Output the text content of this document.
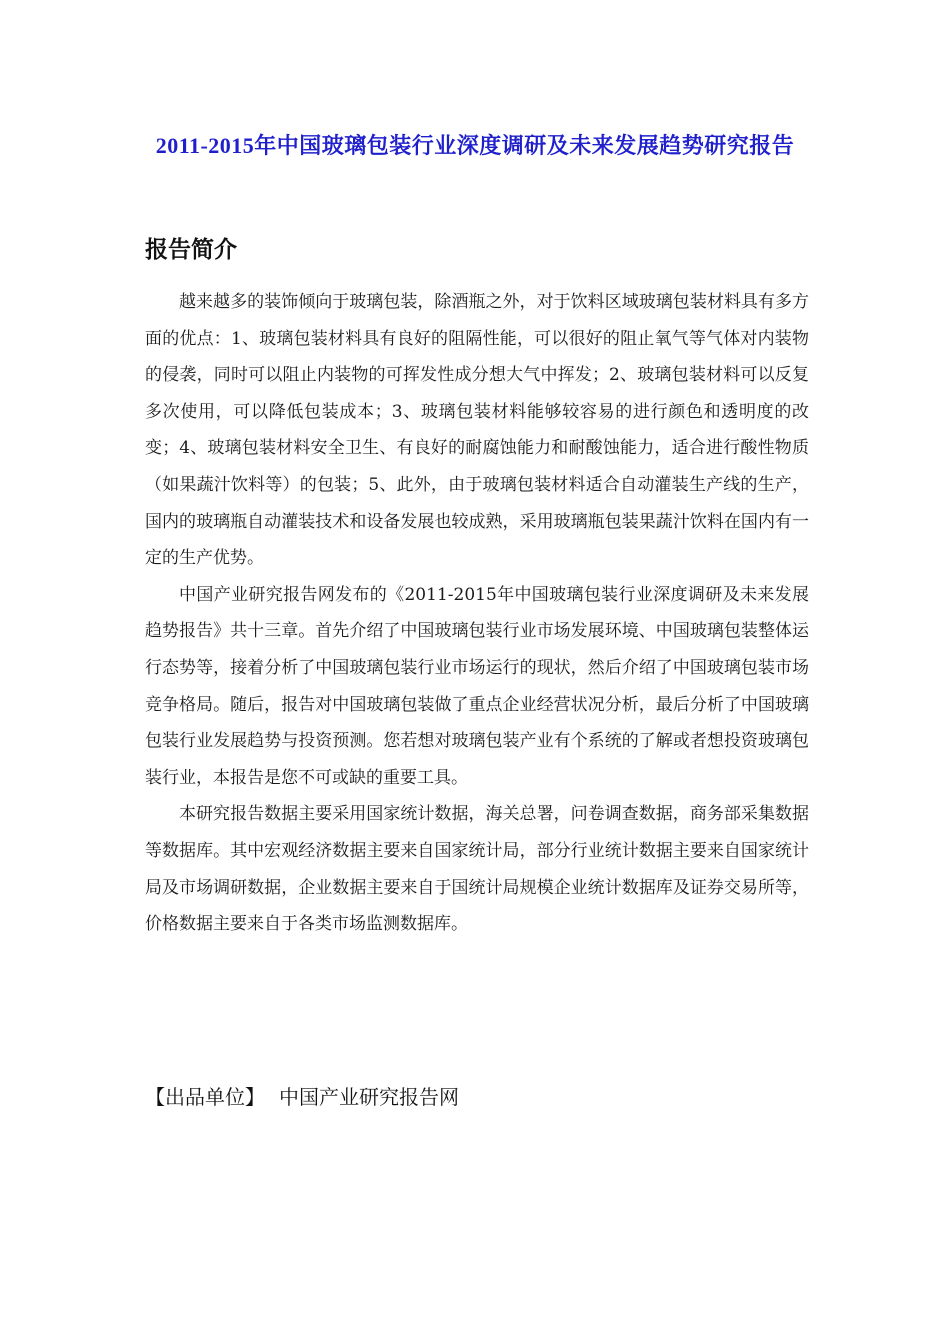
2011-2015年中国玻璃包装行业深度调研及未来发展趋势研究报告
报告简介

越来越多的装饰倾向于玻璃包装，除酒瓶之外，对于饮料区域玻璃包装材料具有多方面的优点：1、玻璃包装材料具有良好的阻隔性能，可以很好的阻止氧气等气体对内装物的侵袭，同时可以阻止内装物的可挥发性成分想大气中挥发；2、玻璃包装材料可以反复多次使用，可以降低包装成本；3、玻璃包装材料能够较容易的进行颜色和透明度的改变；4、玻璃包装材料安全卫生、有良好的耐腐蚀能力和耐酸蚀能力，适合进行酸性物质（如果蔬汁饮料等）的包装；5、此外，由于玻璃包装材料适合自动灌装生产线的生产，国内的玻璃瓶自动灌装技术和设备发展也较成熟，采用玻璃瓶包装果蔬汁饮料在国内有一定的生产优势。

中国产业研究报告网发布的《2011-2015年中国玻璃包装行业深度调研及未来发展趋势报告》共十三章。首先介绍了中国玻璃包装行业市场发展环境、中国玻璃包装整体运行态势等，接着分析了中国玻璃包装行业市场运行的现状，然后介绍了中国玻璃包装市场竞争格局。随后，报告对中国玻璃包装做了重点企业经营状况分析，最后分析了中国玻璃包装行业发展趋势与投资预测。您若想对玻璃包装产业有个系统的了解或者想投资玻璃包装行业，本报告是您不可或缺的重要工具。

本研究报告数据主要采用国家统计数据，海关总署，问卷调查数据，商务部采集数据等数据库。其中宏观经济数据主要来自国家统计局，部分行业统计数据主要来自国家统计局及市场调研数据，企业数据主要来自于国统计局规模企业统计数据库及证券交易所等，价格数据主要来自于各类市场监测数据库。

【出品单位】 中国产业研究报告网
